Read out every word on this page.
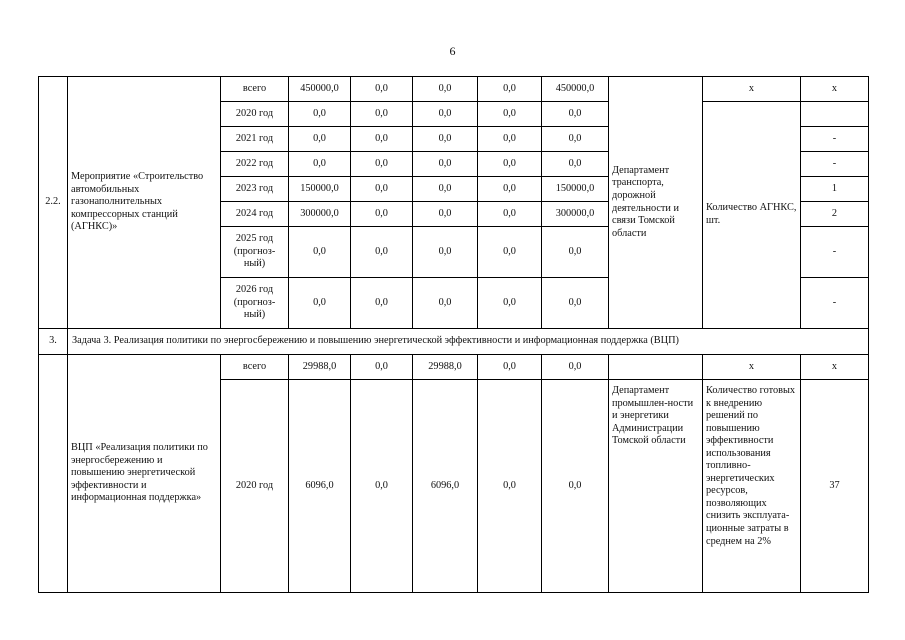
6
2.2.	Мероприятие «Строительство автомобильных газонаполнительных компрессорных станций (АГНКС)»	всего	450000,0	0,0	0,0	0,0	450000,0	Департамент транспорта, дорожной деятельности и связи Томской области	x	x
		2020 год	0,0	0,0	0,0	0,0	0,0		Количество АГНКС, шт.	
		2021 год	0,0	0,0	0,0	0,0	0,0			-
		2022 год	0,0	0,0	0,0	0,0	0,0			-
		2023 год	150000,0	0,0	0,0	0,0	150000,0			1
		2024 год	300000,0	0,0	0,0	0,0	300000,0			2
		2025 год (прогноз-ный)	0,0	0,0	0,0	0,0	0,0			-
		2026 год (прогноз-ный)	0,0	0,0	0,0	0,0	0,0			-
3.	Задача 3. Реализация политики по энергосбережению и повышению энергетической эффективности и информационная поддержка (ВЦП)									
	ВЦП «Реализация политики по энергосбережению и повышению энергетической эффективности и информационная поддержка»	всего	29988,0	0,0	29988,0	0,0	0,0		x	x
		2020 год	6096,0	0,0	6096,0	0,0	0,0	Департамент промышлен-ности и энергетики Администрации Томской области	Количество готовых к внедрению решений по повышению эффективности использования топливно-энергетических ресурсов, позволяющих снизить эксплуата-ционные затраты в среднем на 2%	37
